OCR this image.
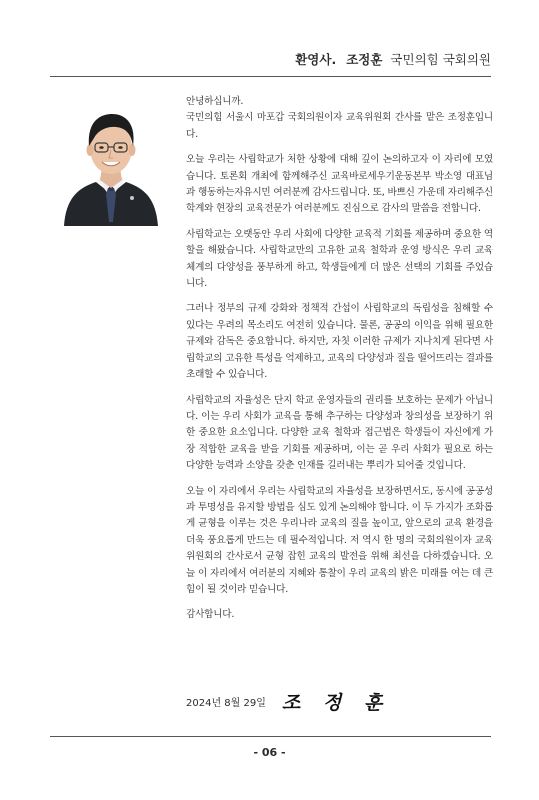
환영사. 조정훈 국민의힘 국회의원

안녕하십니까.

국민의힘 서울시 마포갑 국회의원이자 교육위원회 간사를 맡은 조정훈입니다.

오늘 우리는 사립학교가 처한 상황에 대해 깊이 논의하고자 이 자리에 모였습니다. 토론회 개최에 함께해주신 교육바로세우기운동본부 박소영 대표님과 행동하는자유시민 여러분께 감사드립니다. 또, 바쁘신 가운데 자리해주신 학계와 현장의 교육전문가 여러분께도 진심으로 감사의 말씀을 전합니다.

사립학교는 오랫동안 우리 사회에 다양한 교육적 기회를 제공하며 중요한 역할을 해왔습니다. 사립학교만의 고유한 교육 철학과 운영 방식은 우리 교육 체계의 다양성을 풍부하게 하고, 학생들에게 더 많은 선택의 기회를 주었습니다.

그러나 정부의 규제 강화와 정책적 간섭이 사립학교의 독립성을 침해할 수 있다는 우려의 목소리도 여전히 있습니다. 물론, 공공의 이익을 위해 필요한 규제와 감독은 중요합니다. 하지만, 자칫 이러한 규제가 지나치게 된다면 사립학교의 고유한 특성을 억제하고, 교육의 다양성과 질을 떨어뜨리는 결과를 초래할 수 있습니다.

사립학교의 자율성은 단지 학교 운영자들의 권리를 보호하는 문제가 아닙니다. 이는 우리 사회가 교육을 통해 추구하는 다양성과 창의성을 보장하기 위한 중요한 요소입니다. 다양한 교육 철학과 접근법은 학생들이 자신에게 가장 적합한 교육을 받을 기회를 제공하며, 이는 곧 우리 사회가 필요로 하는 다양한 능력과 소양을 갖춘 인재를 길러내는 뿌리가 되어줄 것입니다.

오늘 이 자리에서 우리는 사립학교의 자율성을 보장하면서도, 동시에 공공성과 투명성을 유지할 방법을 심도 있게 논의해야 합니다. 이 두 가지가 조화롭게 균형을 이루는 것은 우리나라 교육의 질을 높이고, 앞으로의 교육 환경을 더욱 풍요롭게 만드는 데 필수적입니다. 저 역시 한 명의 국회의원이자 교육위원회의 간사로서 균형 잡힌 교육의 발전을 위해 최선을 다하겠습니다. 오늘 이 자리에서 여러분의 지혜와 통찰이 우리 교육의 밝은 미래를 여는 데 큰 힘이 될 것이라 믿습니다.

감사합니다.

2024년 8월 29일 조 정 훈
- 06 -
